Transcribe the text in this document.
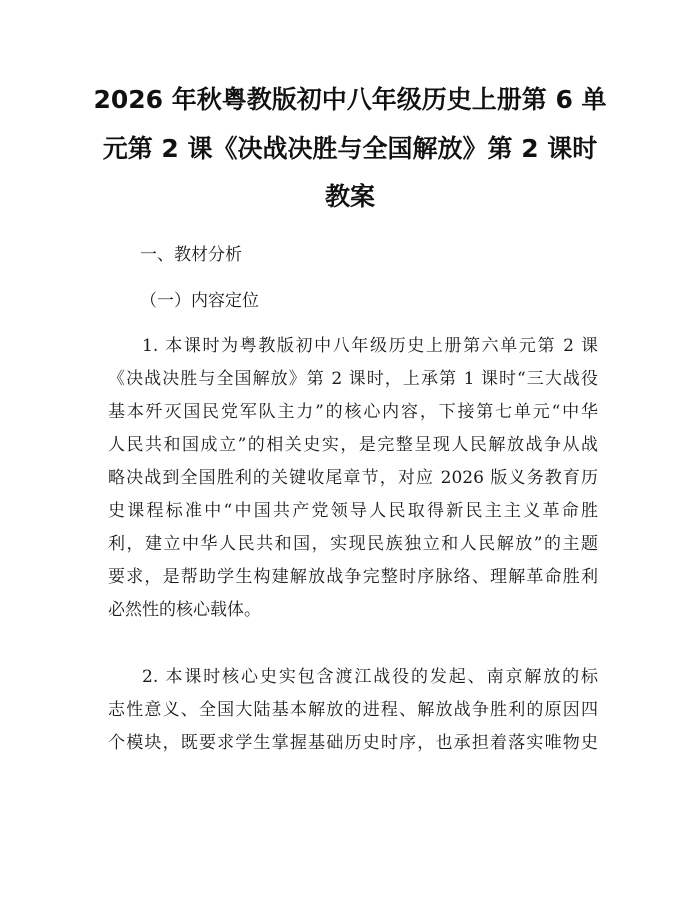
2026 年秋粤教版初中八年级历史上册第 6 单
元第 2 课《决战决胜与全国解放》第 2 课时
教案
一、教材分析
（一）内容定位
1. 本课时为粤教版初中八年级历史上册第六单元第 2 课
《决战决胜与全国解放》第 2 课时，上承第 1 课时“三大战役
基本歼灭国民党军队主力”的核心内容，下接第七单元“中华
人民共和国成立”的相关史实，是完整呈现人民解放战争从战
略决战到全国胜利的关键收尾章节，对应 2026 版义务教育历
史课程标准中“中国共产党领导人民取得新民主主义革命胜
利，建立中华人民共和国，实现民族独立和人民解放”的主题
要求，是帮助学生构建解放战争完整时序脉络、理解革命胜利
必然性的核心载体。
2. 本课时核心史实包含渡江战役的发起、南京解放的标
志性意义、全国大陆基本解放的进程、解放战争胜利的原因四
个模块，既要求学生掌握基础历史时序，也承担着落实唯物史
